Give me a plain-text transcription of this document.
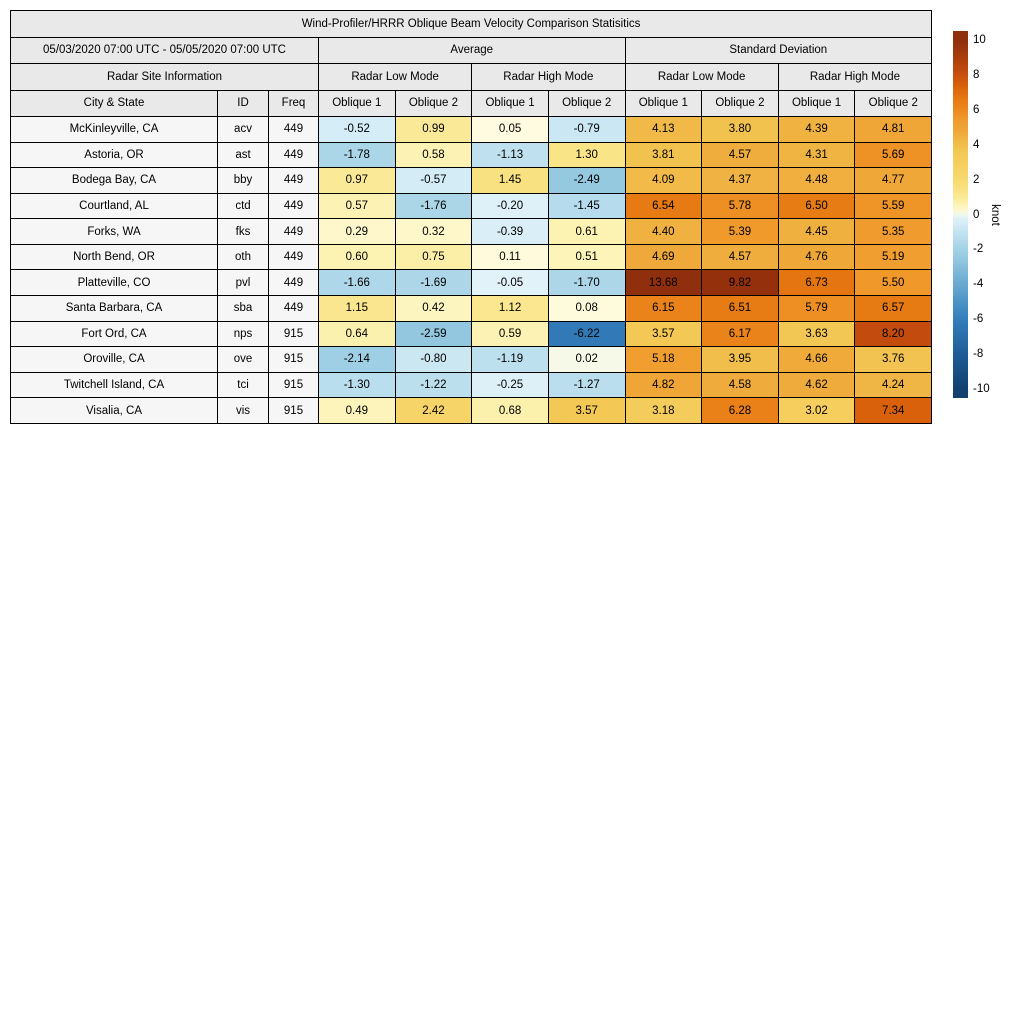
Wind-Profiler/HRRR Oblique Beam Velocity Comparison Statisitics										
05/03/2020 07:00 UTC - 05/05/2020 07:00 UTC			Average				Standard Deviation			
Radar Site Information			Radar Low Mode		Radar High Mode		Radar Low Mode		Radar High Mode	
City & State	ID	Freq	Oblique 1	Oblique 2	Oblique 1	Oblique 2	Oblique 1	Oblique 2	Oblique 1	Oblique 2
McKinleyville, CA	acv	449	-0.52	0.99	0.05	-0.79	4.13	3.80	4.39	4.81
Astoria, OR	ast	449	-1.78	0.58	-1.13	1.30	3.81	4.57	4.31	5.69
Bodega Bay, CA	bby	449	0.97	-0.57	1.45	-2.49	4.09	4.37	4.48	4.77
Courtland, AL	ctd	449	0.57	-1.76	-0.20	-1.45	6.54	5.78	6.50	5.59
Forks, WA	fks	449	0.29	0.32	-0.39	0.61	4.40	5.39	4.45	5.35
North Bend, OR	oth	449	0.60	0.75	0.11	0.51	4.69	4.57	4.76	5.19
Platteville, CO	pvl	449	-1.66	-1.69	-0.05	-1.70	13.68	9.82	6.73	5.50
Santa Barbara, CA	sba	449	1.15	0.42	1.12	0.08	6.15	6.51	5.79	6.57
Fort Ord, CA	nps	915	0.64	-2.59	0.59	-6.22	3.57	6.17	3.63	8.20
Oroville, CA	ove	915	-2.14	-0.80	-1.19	0.02	5.18	3.95	4.66	3.76
Twitchell Island, CA	tci	915	-1.30	-1.22	-0.25	-1.27	4.82	4.58	4.62	4.24
Visalia, CA	vis	915	0.49	2.42	0.68	3.57	3.18	6.28	3.02	7.34
10
8
6
4
2
0
-2
-4
-6
-8
-10
knot
